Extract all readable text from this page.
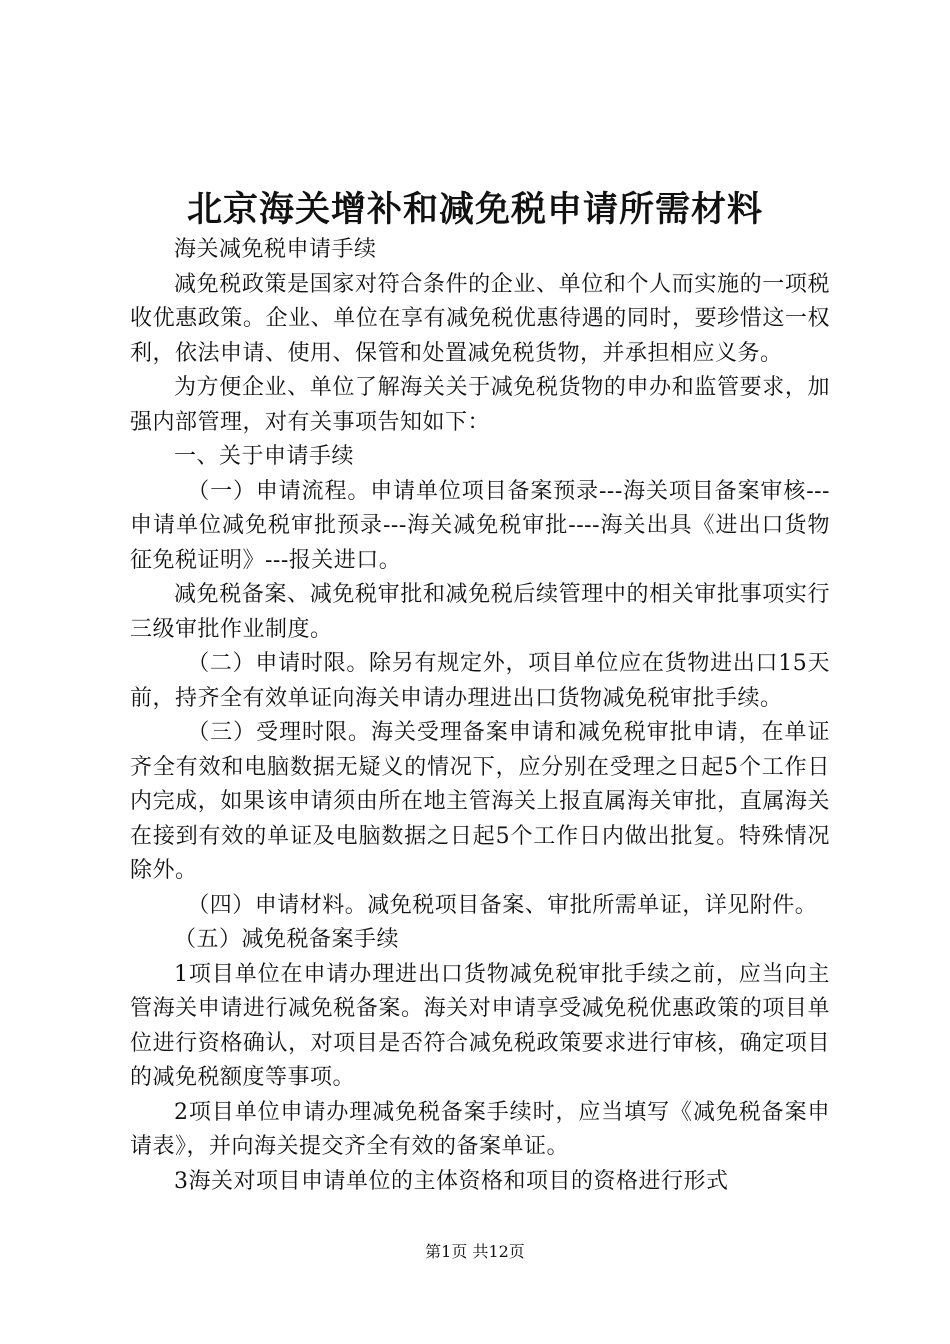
北京海关增补和减免税申请所需材料

海关减免税申请手续

减免税政策是国家对符合条件的企业、单位和个人而实施的一项税收优惠政策。企业、单位在享有减免税优惠待遇的同时，要珍惜这一权利，依法申请、使用、保管和处置减免税货物，并承担相应义务。

为方便企业、单位了解海关关于减免税货物的申办和监管要求，加强内部管理，对有关事项告知如下：

一、关于申请手续

（一）申请流程。申请单位项目备案预录---海关项目备案审核---申请单位减免税审批预录---海关减免税审批----海关出具《进出口货物征免税证明》---报关进口。

减免税备案、减免税审批和减免税后续管理中的相关审批事项实行三级审批作业制度。

（二）申请时限。除另有规定外，项目单位应在货物进出口15天前，持齐全有效单证向海关申请办理进出口货物减免税审批手续。

（三）受理时限。海关受理备案申请和减免税审批申请，在单证齐全有效和电脑数据无疑义的情况下，应分别在受理之日起5个工作日内完成，如果该申请须由所在地主管海关上报直属海关审批，直属海关在接到有效的单证及电脑数据之日起5个工作日内做出批复。特殊情况除外。

（四）申请材料。减免税项目备案、审批所需单证，详见附件。

（五）减免税备案手续

1项目单位在申请办理进出口货物减免税审批手续之前，应当向主管海关申请进行减免税备案。海关对申请享受减免税优惠政策的项目单位进行资格确认，对项目是否符合减免税政策要求进行审核，确定项目的减免税额度等事项。

2项目单位申请办理减免税备案手续时，应当填写《减免税备案申请表》，并向海关提交齐全有效的备案单证。

3海关对项目申请单位的主体资格和项目的资格进行形式

第1页 共12页
